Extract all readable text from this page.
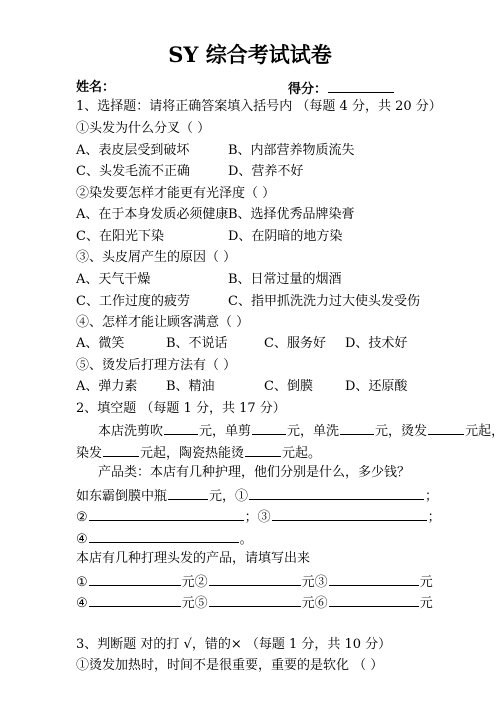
SY 综合考试试卷
姓名：	得分：
1、选择题：请将正确答案填入括号内 （每题 4 分，共 20 分）
①头发为什么分叉（ ）
A、表皮层受到破坏	B、内部营养物质流失
C、头发毛流不正确	D、营养不好
②染发要怎样才能更有光泽度（ ）
A、在于本身发质必须健康 B、选择优秀品牌染膏
C、在阳光下染	D、在阴暗的地方染
③、头皮屑产生的原因（ ）
A、天气干燥	B、日常过量的烟酒
C、工作过度的疲劳	C、指甲抓洗洗力过大使头发受伤
④、怎样才能让顾客满意（ ）
A、微笑	B、不说话	C、服务好 D、技术好
⑤、烫发后打理方法有（ ）
A、弹力素 B、精油	C、倒膜 D、还原酸
2、填空题 （每题 1 分，共 17 分）
本店洗剪吹	元，单剪	元，单洗	元，烫发	元起，
染发	元起，陶瓷热能烫	元起。
产品类：本店有几种护理，他们分别是什么，多少钱？
如东霸倒膜中瓶	元，①	；
②	；③	；
④	。
本店有几种打理头发的产品，请填写出来
①	元②	元③	元
④	元⑤	元⑥	元
3、判断题 对的打 √，错的× （每题 1 分，共 10 分）
①烫发加热时，时间不是很重要，重要的是软化 （ ）
